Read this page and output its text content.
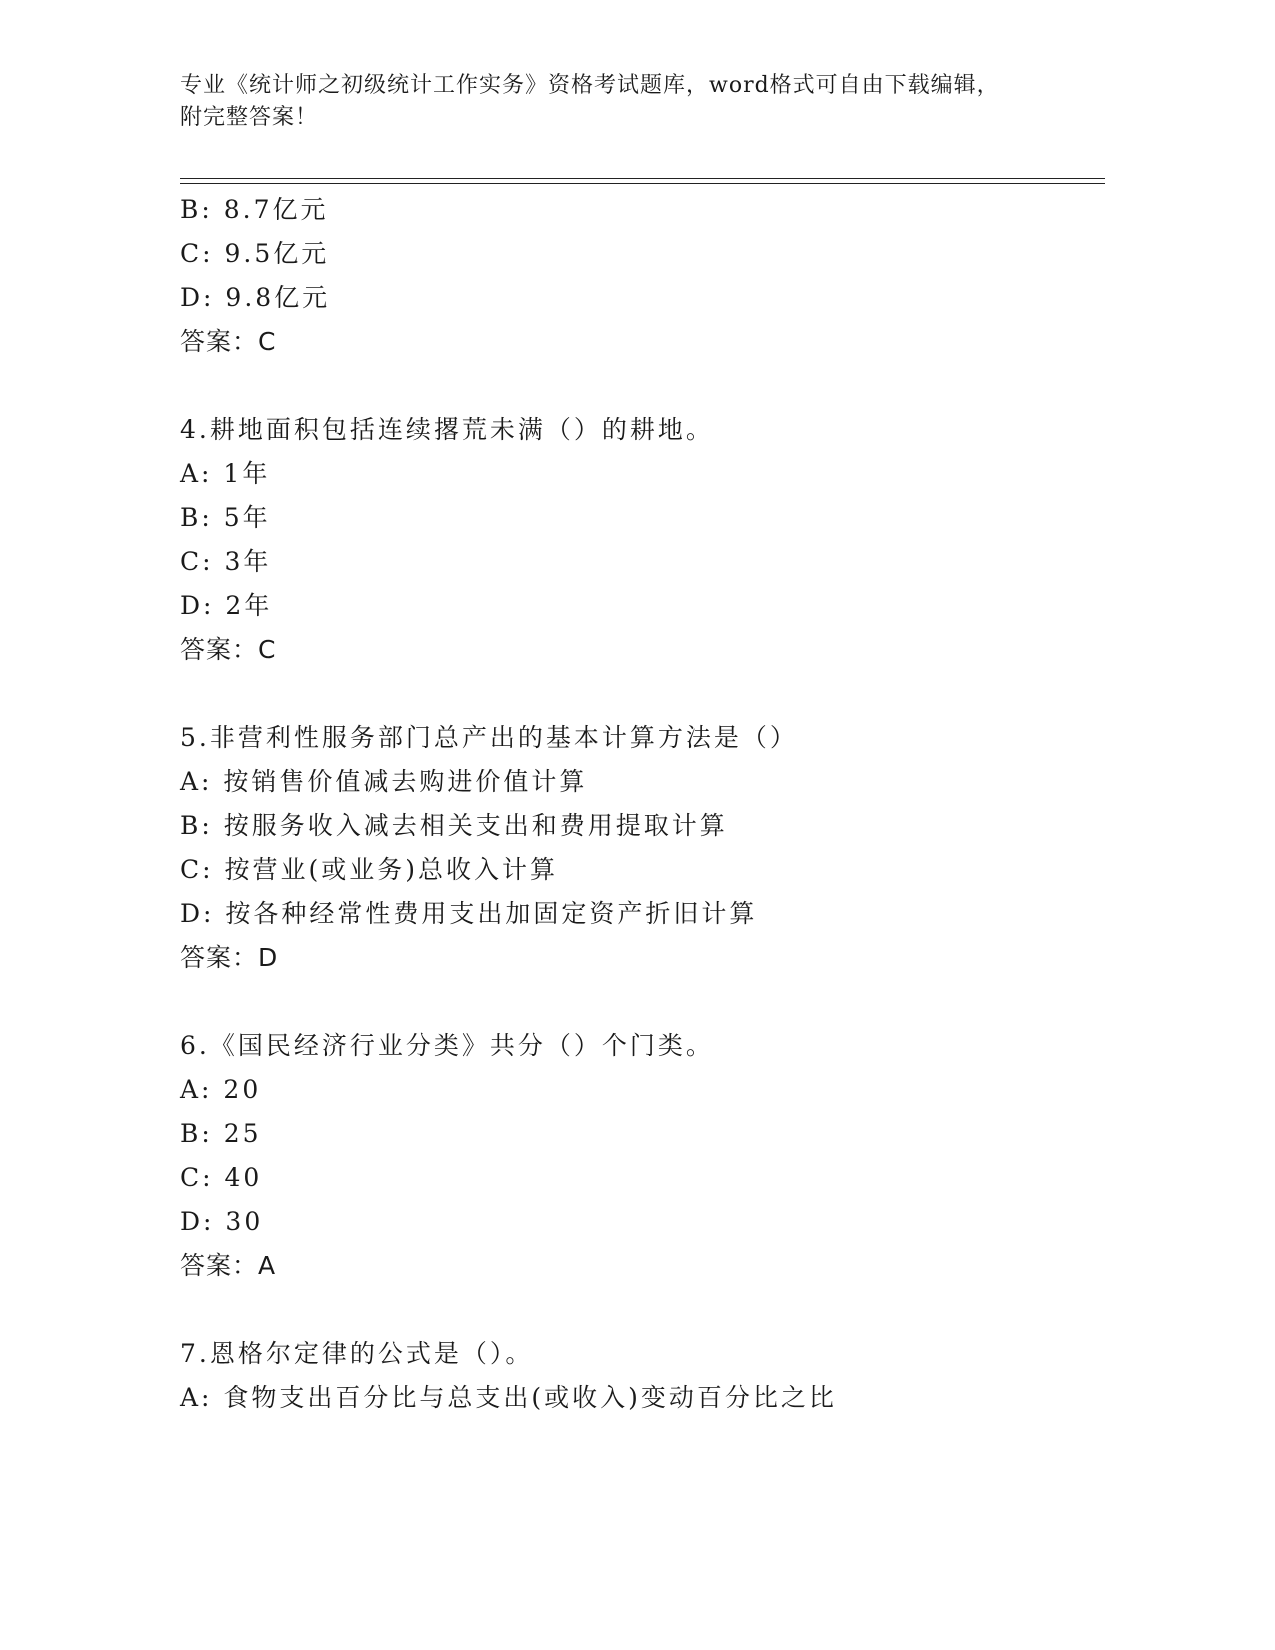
专业《统计师之初级统计工作实务》资格考试题库，word格式可自由下载编辑，
附完整答案！
B: 8.7亿元
C: 9.5亿元
D: 9.8亿元
答案：C
4.耕地面积包括连续撂荒未满（）的耕地。
A: 1年
B: 5年
C: 3年
D: 2年
答案：C
5.非营利性服务部门总产出的基本计算方法是（）
A: 按销售价值减去购进价值计算
B: 按服务收入减去相关支出和费用提取计算
C: 按营业(或业务)总收入计算
D: 按各种经常性费用支出加固定资产折旧计算
答案：D
6.《国民经济行业分类》共分（）个门类。
A: 20
B: 25
C: 40
D: 30
答案：A
7.恩格尔定律的公式是（）。
A: 食物支出百分比与总支出(或收入)变动百分比之比
